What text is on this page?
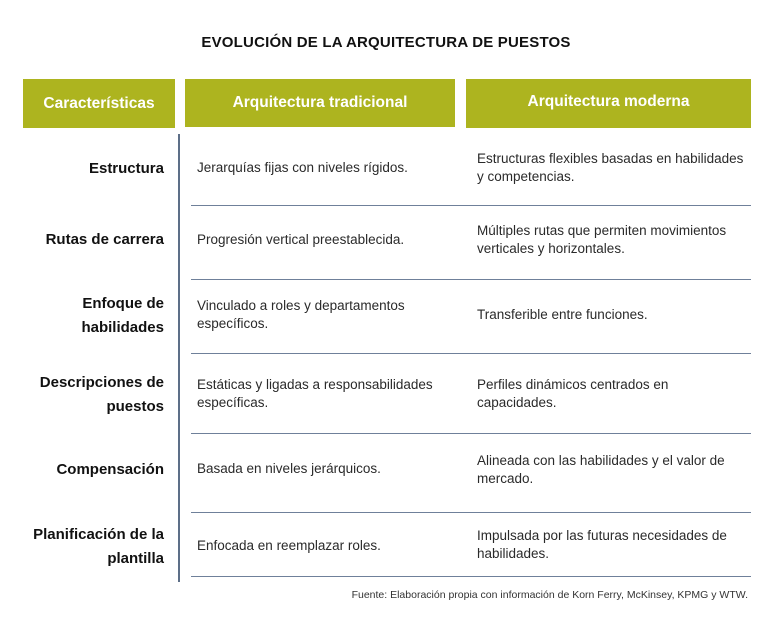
EVOLUCIÓN DE LA ARQUITECTURA DE PUESTOS
Características	Arquitectura tradicional	Arquitectura moderna
Estructura Jerarquías fijas con niveles rígidos.
Estructuras flexibles basadas en habilidades y competencias.
Rutas de carrera Progresión vertical preestablecida.
Múltiples rutas que permiten movimientos verticales y horizontales.
Enfoque de habilidades
Vinculado a roles y departamentos específicos.
Transferible entre funciones.
Descripciones de puestos
Estáticas y ligadas a responsabilidades específicas.
Perfiles dinámicos centrados en capacidades.
Compensación Basada en niveles jerárquicos.
Alineada con las habilidades y el valor de mercado.
Planificación de la plantilla
Enfocada en reemplazar roles.
Impulsada por las futuras necesidades de habilidades.
Fuente: Elaboración propia con información de Korn Ferry, McKinsey, KPMG y WTW.
